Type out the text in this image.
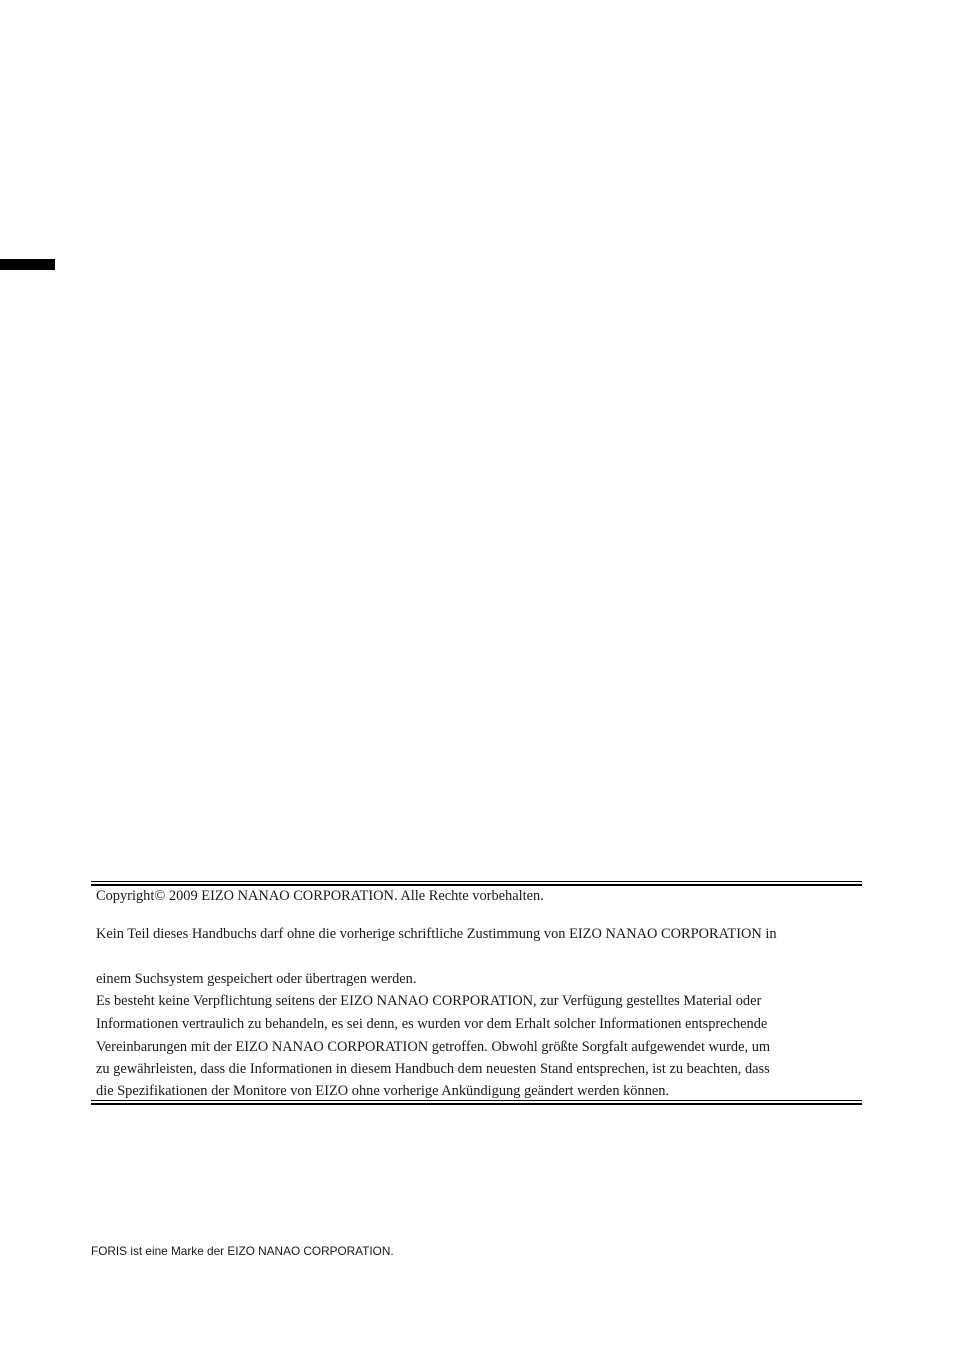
Copyright© 2009 EIZO NANAO CORPORATION. Alle Rechte vorbehalten.
Kein Teil dieses Handbuchs darf ohne die vorherige schriftliche Zustimmung von EIZO NANAO CORPORATION in
einem Suchsystem gespeichert oder übertragen werden.
Es besteht keine Verpflichtung seitens der EIZO NANAO CORPORATION, zur Verfügung gestelltes Material oder
Informationen vertraulich zu behandeln, es sei denn, es wurden vor dem Erhalt solcher Informationen entsprechende
Vereinbarungen mit der EIZO NANAO CORPORATION getroffen. Obwohl größte Sorgfalt aufgewendet wurde, um
zu gewährleisten, dass die Informationen in diesem Handbuch dem neuesten Stand entsprechen, ist zu beachten, dass
die Spezifikationen der Monitore von EIZO ohne vorherige Ankündigung geändert werden können.
FORIS ist eine Marke der EIZO NANAO CORPORATION.
